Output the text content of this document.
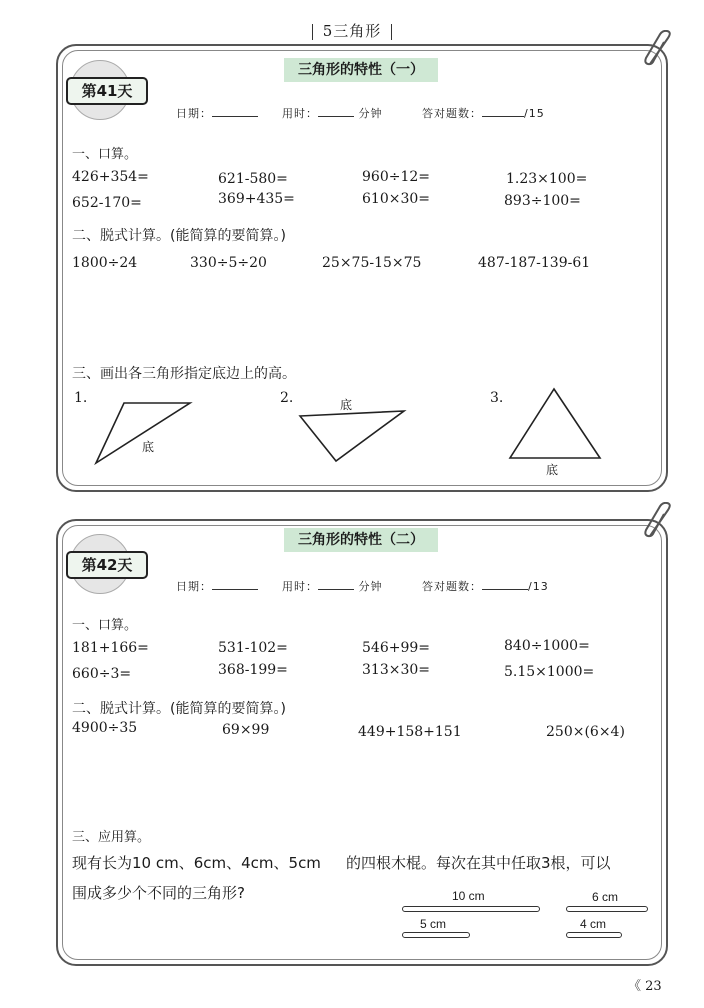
5三角形
第41天
三角形的特性（一）
日期：	用时：	分钟	答对题数：	/15
一、口算。
426+354=	621-580=	960÷12=	1.23×100=
652-170=	369+435=	610×30=	893÷100=
二、脱式计算。(能简算的要简算。)
1800÷24	330÷5÷20	25×75-15×75	487-187-139-61
三、画出各三角形指定底边上的高。
1.	2.	3.
底
底
底
第42天
三角形的特性（二）
日期：	用时：	分钟	答对题数：	/13
一、口算。
181+166=	531-102=	546+99=	840÷1000=
660÷3=	368-199=	313×30=	5.15×1000=
二、脱式计算。(能简算的要简算。)
4900÷35	69×99	449+158+151	250×(6×4)
三、应用算。
现有长为10 cm、6cm、4cm、5cm 的四根木棍。每次在其中任取3根，可以
围成多少个不同的三角形?	10 cm	6 cm
5 cm	4 cm
《 23
